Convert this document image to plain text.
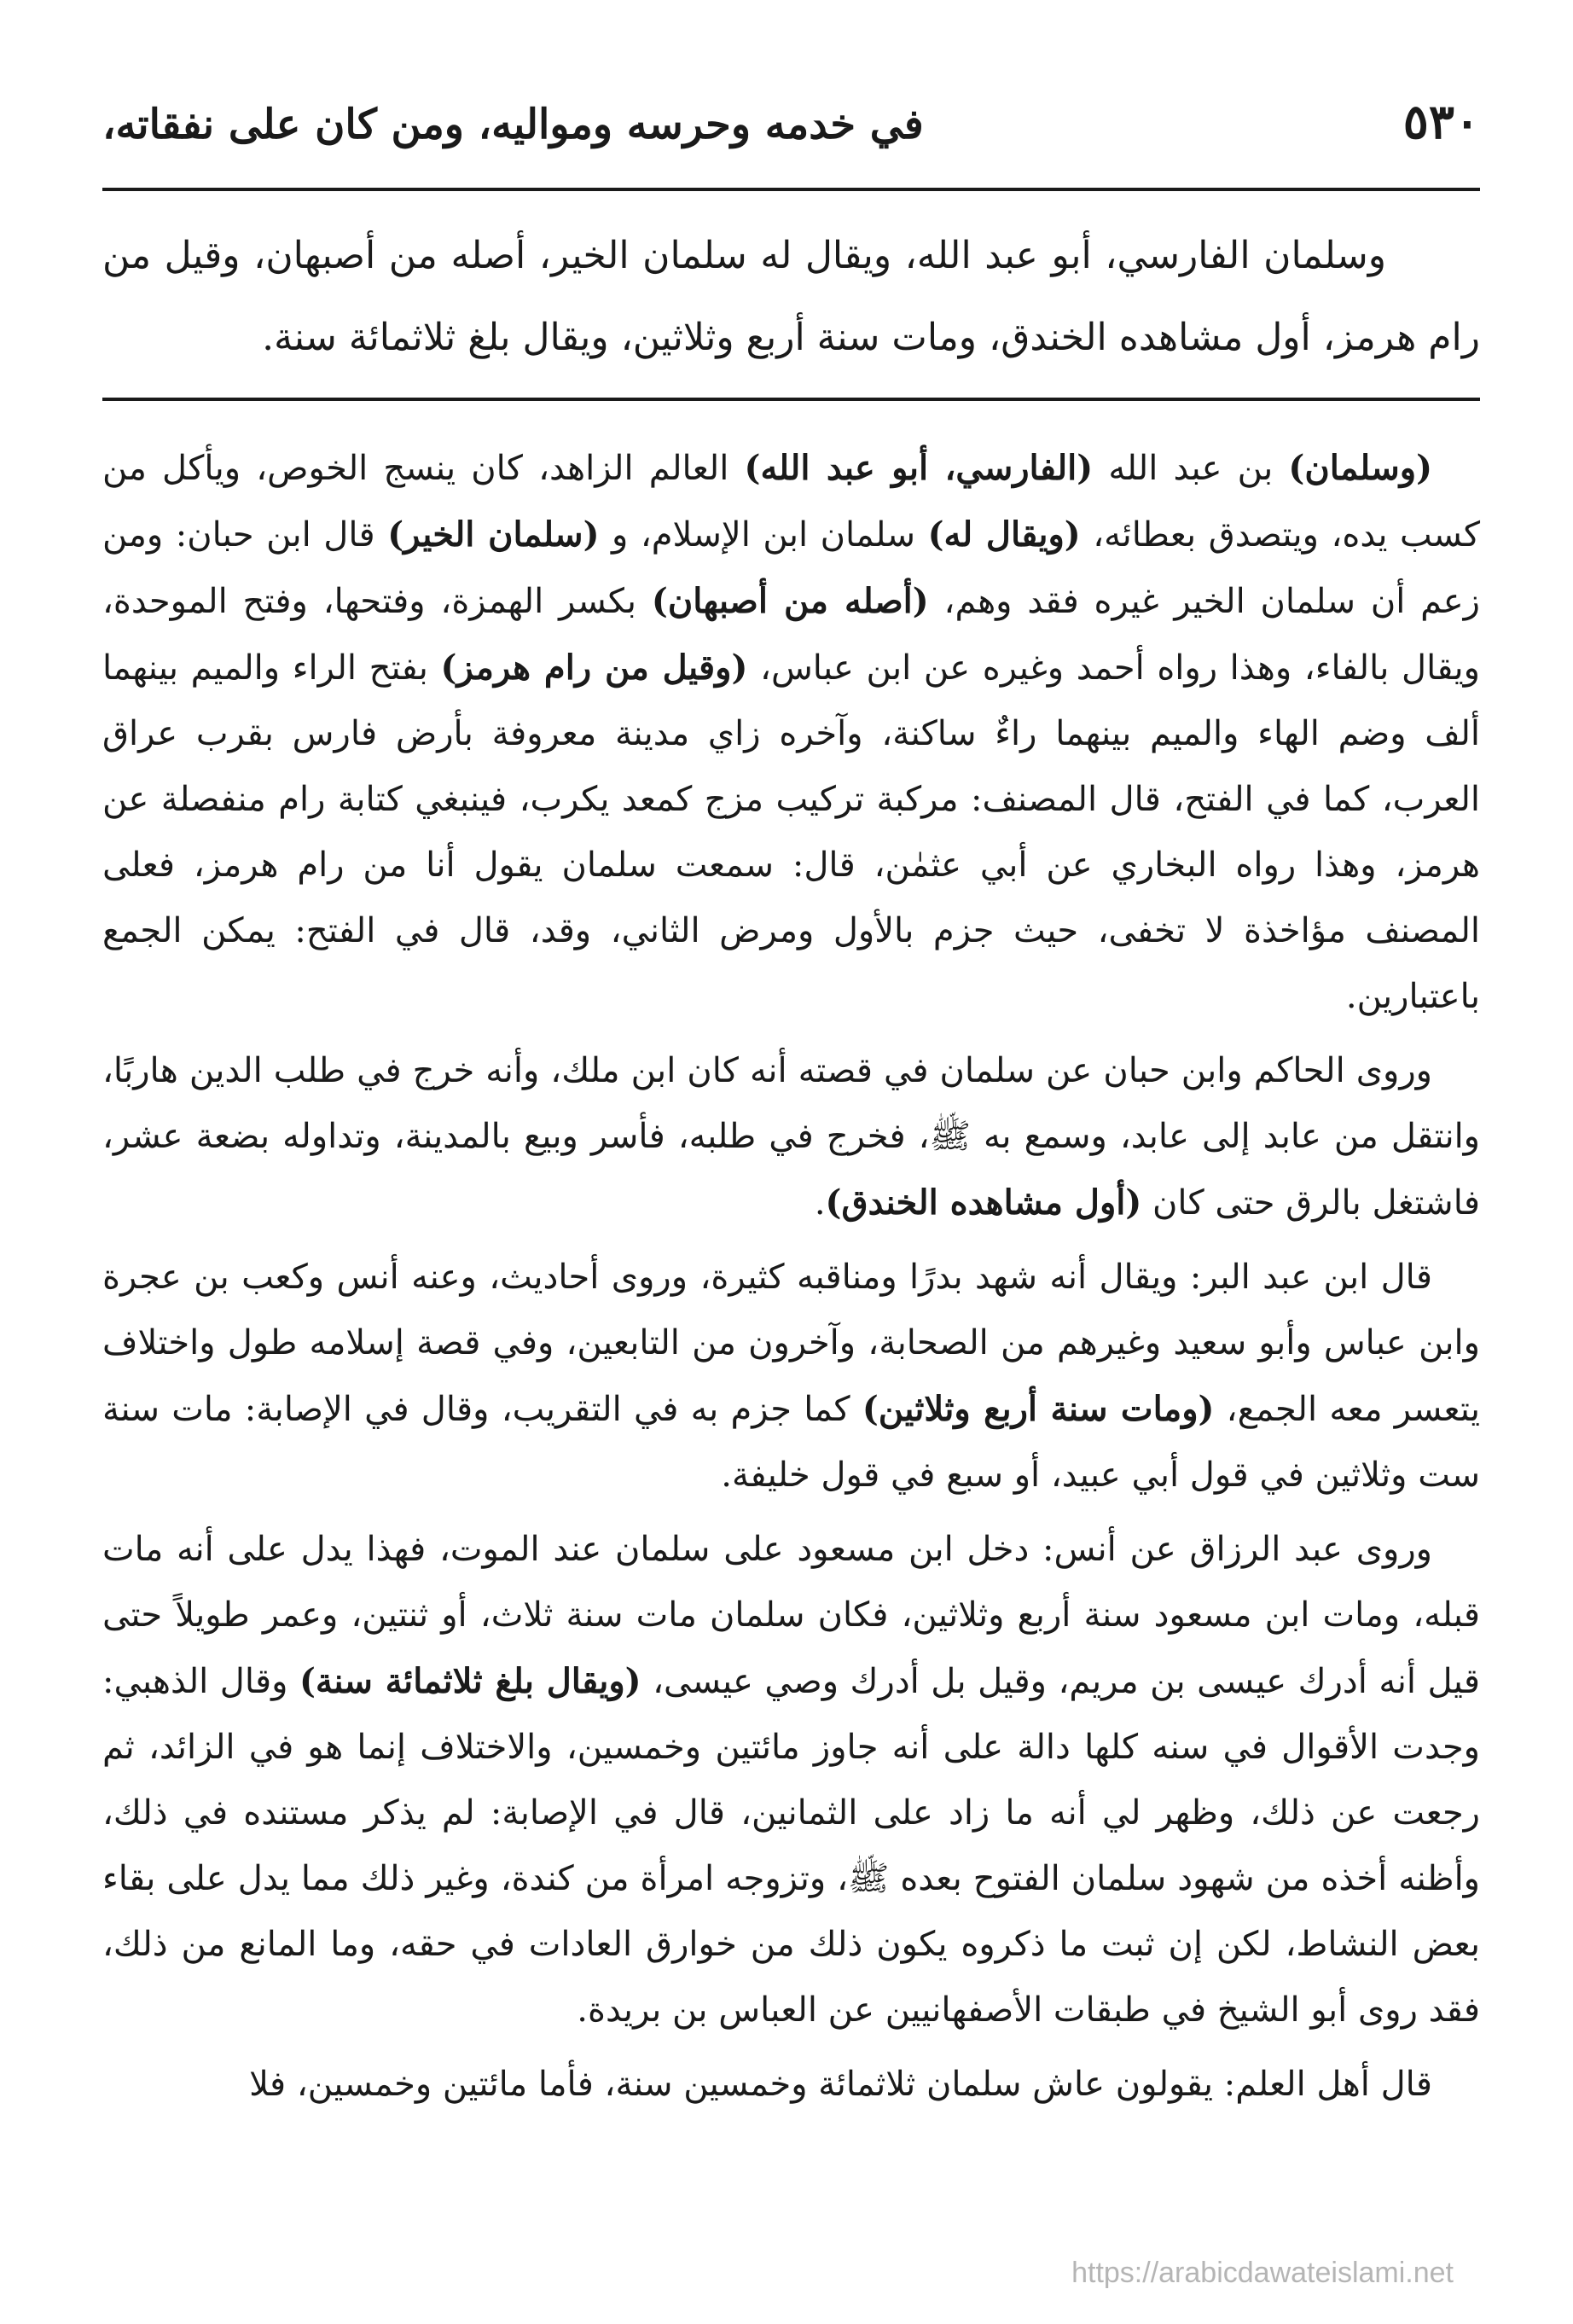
٥٣٠
في خدمه وحرسه ومواليه، ومن كان على نفقاته،
وسلمان الفارسي، أبو عبد الله، ويقال له سلمان الخير، أصله من أصبهان، وقيل من رام هرمز، أول مشاهده الخندق، ومات سنة أربع وثلاثين، ويقال بلغ ثلاثمائة سنة.

(وسلمان) بن عبد الله (الفارسي، أبو عبد الله) العالم الزاهد، كان ينسج الخوص، ويأكل من كسب يده، ويتصدق بعطائه، (ويقال له) سلمان ابن الإسلام، و (سلمان الخير) قال ابن حبان: ومن زعم أن سلمان الخير غيره فقد وهم، (أصله من أصبهان) بكسر الهمزة، وفتحها، وفتح الموحدة، ويقال بالفاء، وهذا رواه أحمد وغيره عن ابن عباس، (وقيل من رام هرمز) بفتح الراء والميم بينهما ألف وضم الهاء والميم بينهما راءٌ ساكنة، وآخره زاي مدينة معروفة بأرض فارس بقرب عراق العرب، كما في الفتح، قال المصنف: مركبة تركيب مزج كمعد يكرب، فينبغي كتابة رام منفصلة عن هرمز، وهذا رواه البخاري عن أبي عثمٰن، قال: سمعت سلمان يقول أنا من رام هرمز، فعلى المصنف مؤاخذة لا تخفى، حيث جزم بالأول ومرض الثاني، وقد، قال في الفتح: يمكن الجمع باعتبارين.

وروى الحاكم وابن حبان عن سلمان في قصته أنه كان ابن ملك، وأنه خرج في طلب الدين هاربًا، وانتقل من عابد إلى عابد، وسمع به ﷺ، فخرج في طلبه، فأسر وبيع بالمدينة، وتداوله بضعة عشر، فاشتغل بالرق حتى كان (أول مشاهده الخندق).

قال ابن عبد البر: ويقال أنه شهد بدرًا ومناقبه كثيرة، وروى أحاديث، وعنه أنس وكعب بن عجرة وابن عباس وأبو سعيد وغيرهم من الصحابة، وآخرون من التابعين، وفي قصة إسلامه طول واختلاف يتعسر معه الجمع، (ومات سنة أربع وثلاثين) كما جزم به في التقريب، وقال في الإصابة: مات سنة ست وثلاثين في قول أبي عبيد، أو سبع في قول خليفة.

وروى عبد الرزاق عن أنس: دخل ابن مسعود على سلمان عند الموت، فهذا يدل على أنه مات قبله، ومات ابن مسعود سنة أربع وثلاثين، فكان سلمان مات سنة ثلاث، أو ثنتين، وعمر طويلاً حتى قيل أنه أدرك عيسى بن مريم، وقيل بل أدرك وصي عيسى، (ويقال بلغ ثلاثمائة سنة) وقال الذهبي: وجدت الأقوال في سنه كلها دالة على أنه جاوز مائتين وخمسين، والاختلاف إنما هو في الزائد، ثم رجعت عن ذلك، وظهر لي أنه ما زاد على الثمانين، قال في الإصابة: لم يذكر مستنده في ذلك، وأظنه أخذه من شهود سلمان الفتوح بعده ﷺ، وتزوجه امرأة من كندة، وغير ذلك مما يدل على بقاء بعض النشاط، لكن إن ثبت ما ذكروه يكون ذلك من خوارق العادات في حقه، وما المانع من ذلك، فقد روى أبو الشيخ في طبقات الأصفهانيين عن العباس بن بريدة.

قال أهل العلم: يقولون عاش سلمان ثلاثمائة وخمسين سنة، فأما مائتين وخمسين، فلا

https://arabicdawateislami.net
